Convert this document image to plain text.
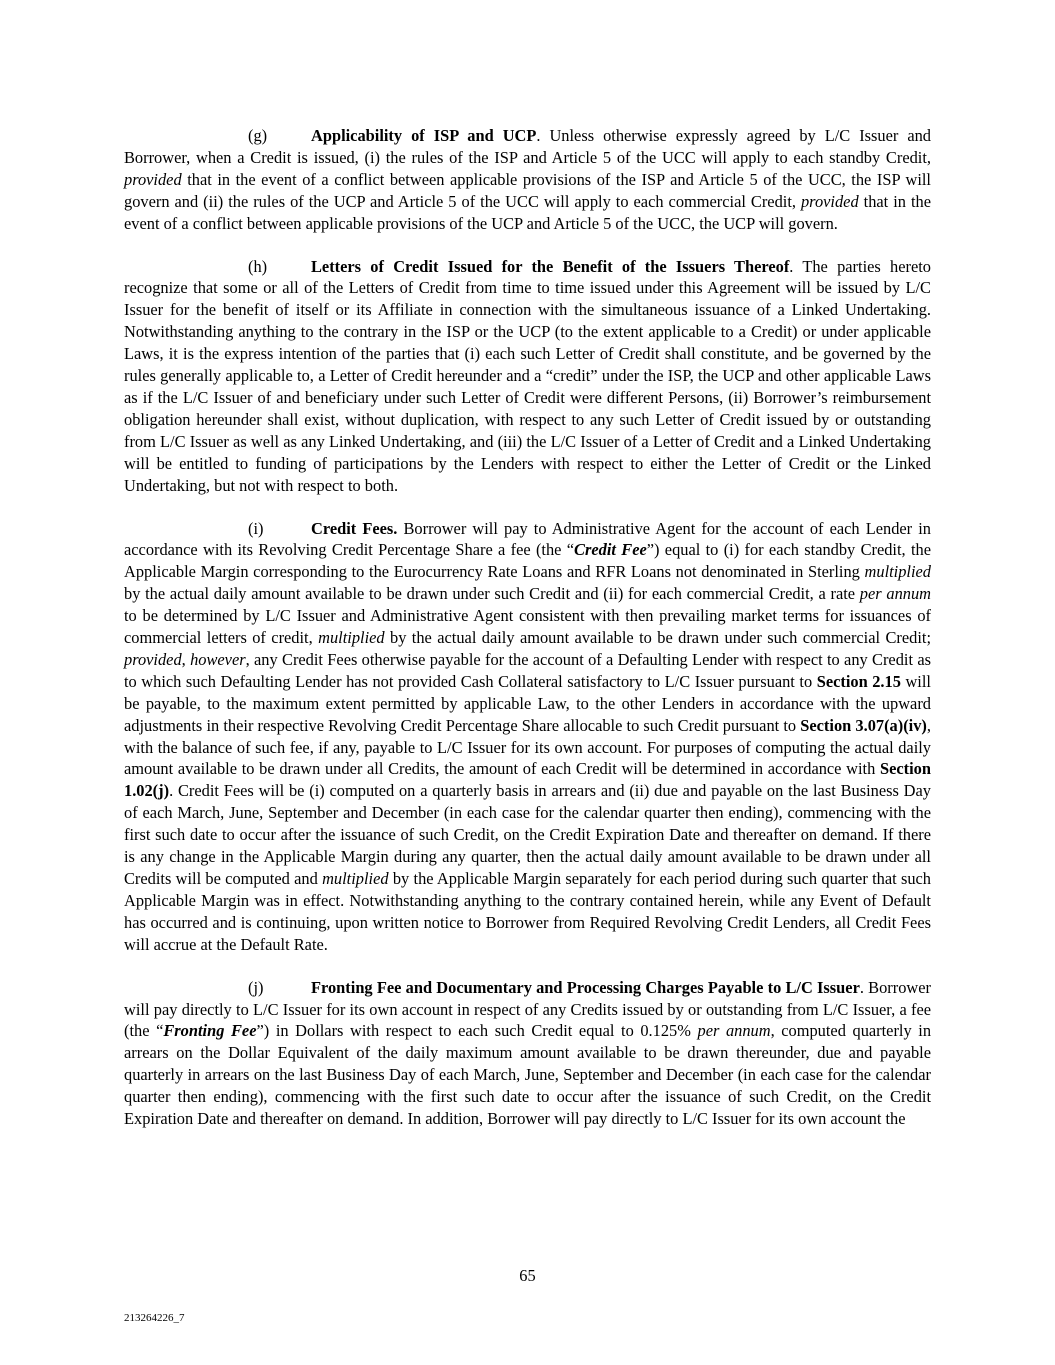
(g)	Applicability of ISP and UCP. Unless otherwise expressly agreed by L/C Issuer and Borrower, when a Credit is issued, (i) the rules of the ISP and Article 5 of the UCC will apply to each standby Credit, provided that in the event of a conflict between applicable provisions of the ISP and Article 5 of the UCC, the ISP will govern and (ii) the rules of the UCP and Article 5 of the UCC will apply to each commercial Credit, provided that in the event of a conflict between applicable provisions of the UCP and Article 5 of the UCC, the UCP will govern.

(h)	Letters of Credit Issued for the Benefit of the Issuers Thereof. The parties hereto recognize that some or all of the Letters of Credit from time to time issued under this Agreement will be issued by L/C Issuer for the benefit of itself or its Affiliate in connection with the simultaneous issuance of a Linked Undertaking. Notwithstanding anything to the contrary in the ISP or the UCP (to the extent applicable to a Credit) or under applicable Laws, it is the express intention of the parties that (i) each such Letter of Credit shall constitute, and be governed by the rules generally applicable to, a Letter of Credit hereunder and a “credit” under the ISP, the UCP and other applicable Laws as if the L/C Issuer of and beneficiary under such Letter of Credit were different Persons, (ii) Borrower’s reimbursement obligation hereunder shall exist, without duplication, with respect to any such Letter of Credit issued by or outstanding from L/C Issuer as well as any Linked Undertaking, and (iii) the L/C Issuer of a Letter of Credit and a Linked Undertaking will be entitled to funding of participations by the Lenders with respect to either the Letter of Credit or the Linked Undertaking, but not with respect to both.

(i)	Credit Fees. Borrower will pay to Administrative Agent for the account of each Lender in accordance with its Revolving Credit Percentage Share a fee (the “Credit Fee”) equal to (i) for each standby Credit, the Applicable Margin corresponding to the Eurocurrency Rate Loans and RFR Loans not denominated in Sterling multiplied by the actual daily amount available to be drawn under such Credit and (ii) for each commercial Credit, a rate per annum to be determined by L/C Issuer and Administrative Agent consistent with then prevailing market terms for issuances of commercial letters of credit, multiplied by the actual daily amount available to be drawn under such commercial Credit; provided, however, any Credit Fees otherwise payable for the account of a Defaulting Lender with respect to any Credit as to which such Defaulting Lender has not provided Cash Collateral satisfactory to L/C Issuer pursuant to Section 2.15 will be payable, to the maximum extent permitted by applicable Law, to the other Lenders in accordance with the upward adjustments in their respective Revolving Credit Percentage Share allocable to such Credit pursuant to Section 3.07(a)(iv), with the balance of such fee, if any, payable to L/C Issuer for its own account. For purposes of computing the actual daily amount available to be drawn under all Credits, the amount of each Credit will be determined in accordance with Section 1.02(j). Credit Fees will be (i) computed on a quarterly basis in arrears and (ii) due and payable on the last Business Day of each March, June, September and December (in each case for the calendar quarter then ending), commencing with the first such date to occur after the issuance of such Credit, on the Credit Expiration Date and thereafter on demand. If there is any change in the Applicable Margin during any quarter, then the actual daily amount available to be drawn under all Credits will be computed and multiplied by the Applicable Margin separately for each period during such quarter that such Applicable Margin was in effect. Notwithstanding anything to the contrary contained herein, while any Event of Default has occurred and is continuing, upon written notice to Borrower from Required Revolving Credit Lenders, all Credit Fees will accrue at the Default Rate.

(j)	Fronting Fee and Documentary and Processing Charges Payable to L/C Issuer. Borrower will pay directly to L/C Issuer for its own account in respect of any Credits issued by or outstanding from L/C Issuer, a fee (the “Fronting Fee”) in Dollars with respect to each such Credit equal to 0.125% per annum, computed quarterly in arrears on the Dollar Equivalent of the daily maximum amount available to be drawn thereunder, due and payable quarterly in arrears on the last Business Day of each March, June, September and December (in each case for the calendar quarter then ending), commencing with the first such date to occur after the issuance of such Credit, on the Credit Expiration Date and thereafter on demand. In addition, Borrower will pay directly to L/C Issuer for its own account the

65
213264226_7
